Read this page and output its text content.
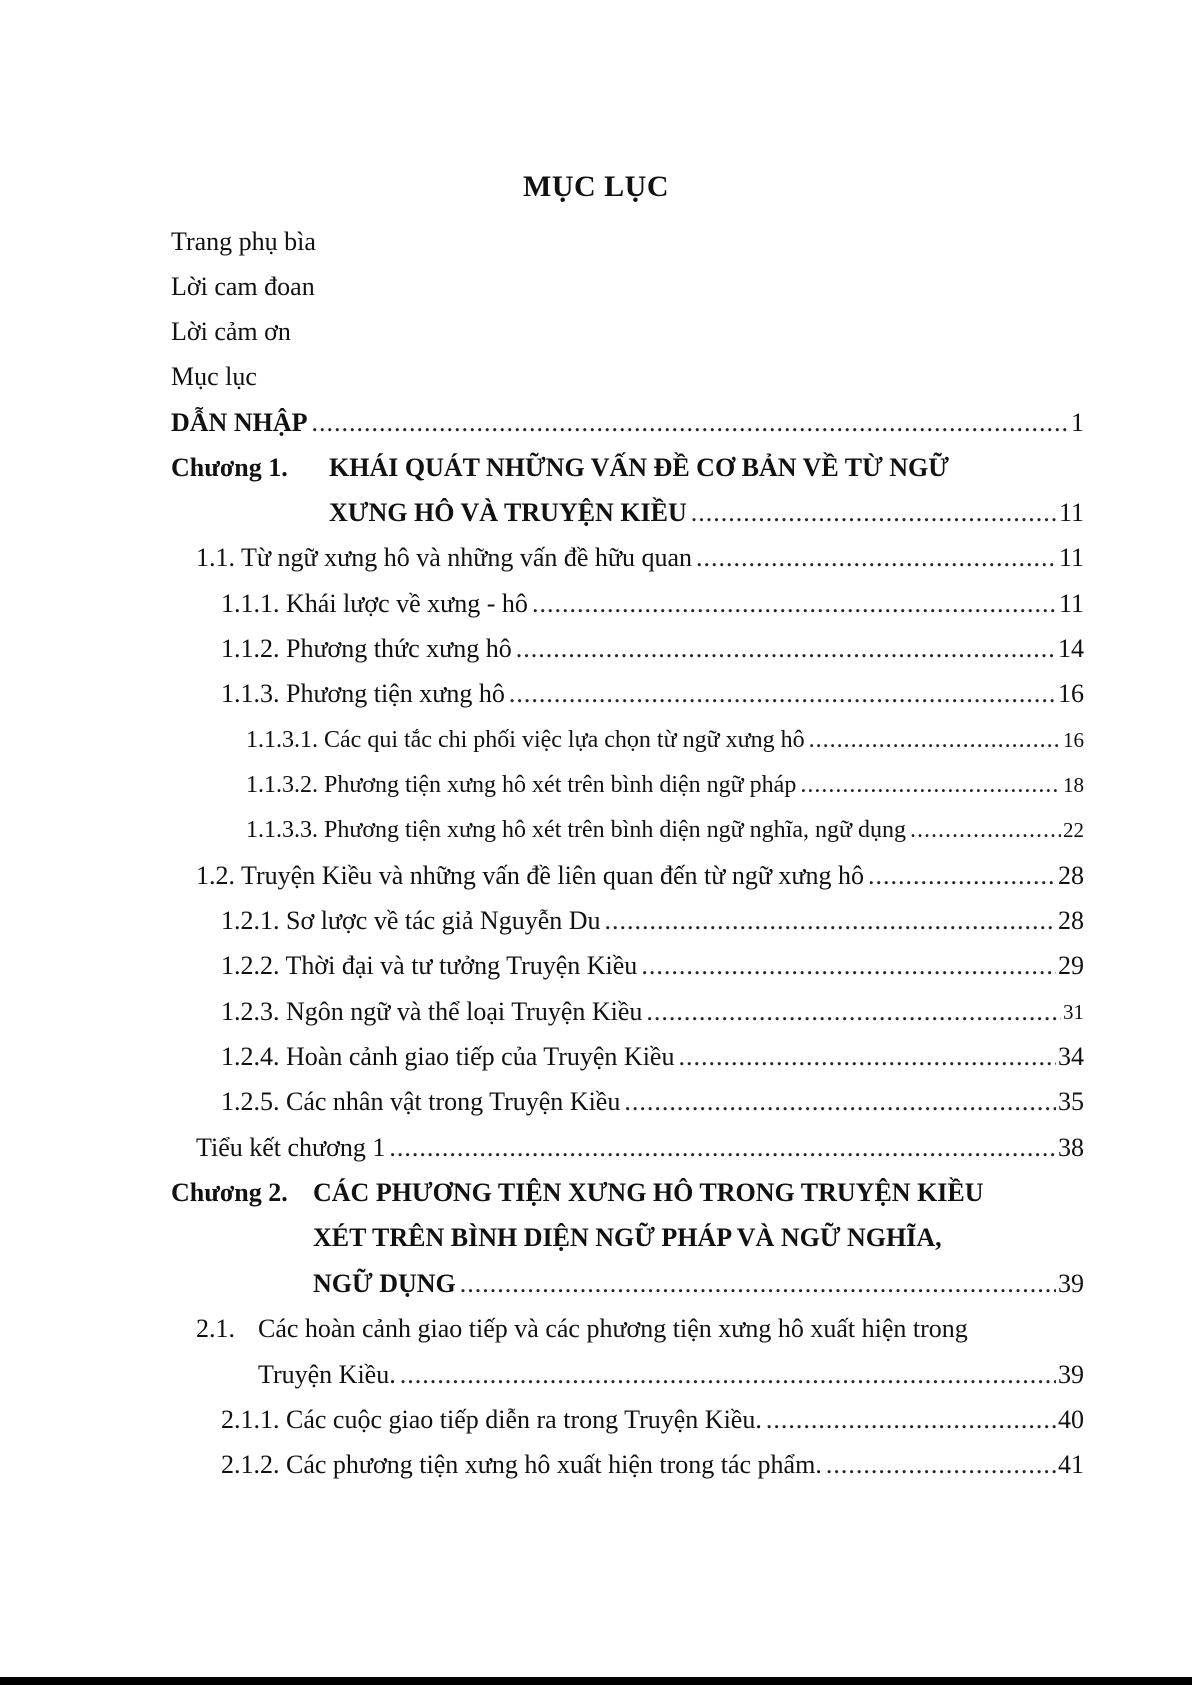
MỤC LỤC
Trang phụ bìa
Lời cam đoan
Lời cảm ơn
Mục lục
DẪN NHẬP .....	1
Chương 1.	KHÁI QUÁT NHỮNG VẤN ĐỀ CƠ BẢN VỀ TỪ NGỮ
XƯNG HÔ VÀ TRUYỆN KIỀU .....	11
1.1. Từ ngữ xưng hô và những vấn đề hữu quan .....	11
1.1.1. Khái lược về xưng - hô .....	11
1.1.2. Phương thức xưng hô .....	14
1.1.3. Phương tiện xưng hô .....	16
1.1.3.1. Các qui tắc chi phối việc lựa chọn từ ngữ xưng hô .....	16
1.1.3.2. Phương tiện xưng hô xét trên bình diện ngữ pháp .....	18
1.1.3.3. Phương tiện xưng hô xét trên bình diện ngữ nghĩa, ngữ dụng .....	22
1.2. Truyện Kiều và những vấn đề liên quan đến từ ngữ xưng hô .....	28
1.2.1. Sơ lược về tác giả Nguyễn Du .....	28
1.2.2. Thời đại và tư tưởng Truyện Kiều .....	29
1.2.3. Ngôn ngữ và thể loại Truyện Kiều .....	31
1.2.4. Hoàn cảnh giao tiếp của Truyện Kiều .....	34
1.2.5. Các nhân vật trong Truyện Kiều .....	35
Tiểu kết chương 1 .....	38
Chương 2. CÁC PHƯƠNG TIỆN XƯNG HÔ TRONG TRUYỆN KIỀU
XÉT TRÊN BÌNH DIỆN NGỮ PHÁP VÀ NGỮ NGHĨA,
NGỮ DỤNG .....	39
2.1. Các hoàn cảnh giao tiếp và các phương tiện xưng hô xuất hiện trong
Truyện Kiều. .....	39
2.1.1. Các cuộc giao tiếp diễn ra trong Truyện Kiều. .....	40
2.1.2. Các phương tiện xưng hô xuất hiện trong tác phẩm. .....	41
